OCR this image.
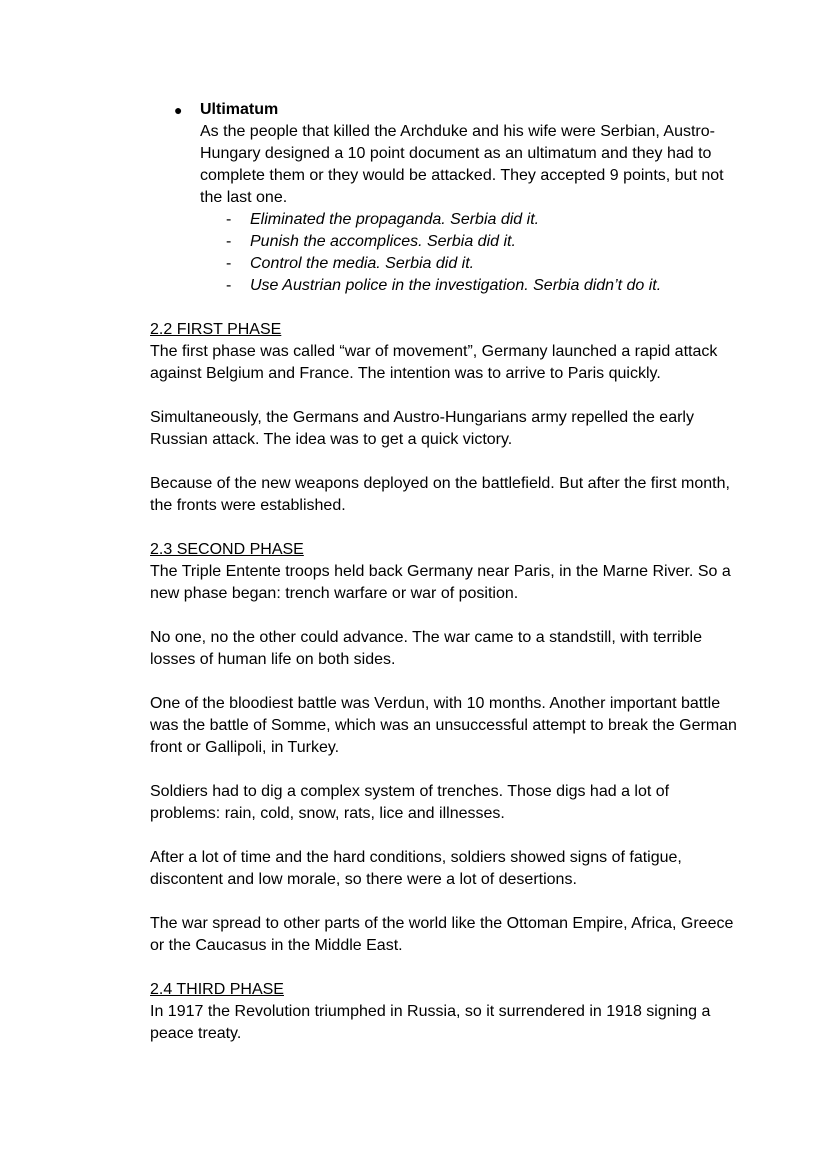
● Ultimatum

As the people that killed the Archduke and his wife were Serbian, Austro-Hungary designed a 10 point document as an ultimatum and they had to complete them or they would be attacked. They accepted 9 points, but not the last one.

- Eliminated the propaganda. Serbia did it.
- Punish the accomplices. Serbia did it.
- Control the media. Serbia did it.
- Use Austrian police in the investigation. Serbia didn’t do it.

2.2 FIRST PHASE

The first phase was called “war of movement”, Germany launched a rapid attack against Belgium and France. The intention was to arrive to Paris quickly.

Simultaneously, the Germans and Austro-Hungarians army repelled the early Russian attack. The idea was to get a quick victory.

Because of the new weapons deployed on the battlefield. But after the first month, the fronts were established.

2.3 SECOND PHASE

The Triple Entente troops held back Germany near Paris, in the Marne River. So a new phase began: trench warfare or war of position.

No one, no the other could advance. The war came to a standstill, with terrible losses of human life on both sides.

One of the bloodiest battle was Verdun, with 10 months. Another important battle was the battle of Somme, which was an unsuccessful attempt to break the German front or Gallipoli, in Turkey.

Soldiers had to dig a complex system of trenches. Those digs had a lot of problems: rain, cold, snow, rats, lice and illnesses.

After a lot of time and the hard conditions, soldiers showed signs of fatigue, discontent and low morale, so there were a lot of desertions.

The war spread to other parts of the world like the Ottoman Empire, Africa, Greece or the Caucasus in the Middle East.

2.4 THIRD PHASE

In 1917 the Revolution triumphed in Russia, so it surrendered in 1918 signing a peace treaty.
